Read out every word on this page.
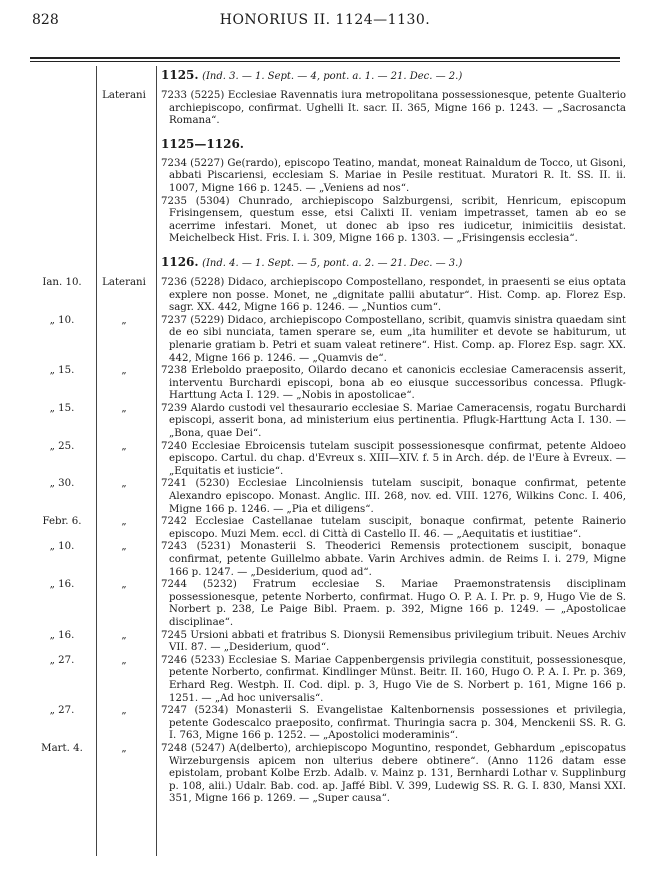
828	HONORIUS II. 1124—1130.
1125. (Ind. 3. — 1. Sept. — 4, pont. a. 1. — 21. Dec. — 2.)
Laterani	7233 (5225) Ecclesiae Ravennatis iura metropolitana possessionesque, petente Gualterio archiepiscopo, confirmat. Ughelli It. sacr. II. 365, Migne 166 p. 1243. — „Sacrosancta Romana“.
1125—1126.
7234 (5227) Ge(rardo), episcopo Teatino, mandat, moneat Rainaldum de Tocco, ut Gisoni, abbati Piscariensi, ecclesiam S. Mariae in Pesile restituat. Muratori R. It. SS. II. ii. 1007, Migne 166 p. 1245. — „Veniens ad nos“.
7235 (5304) Chunrado, archiepiscopo Salzburgensi, scribit, Henricum, episcopum Frisingensem, questum esse, etsi Calixti II. veniam impetrasset, tamen ab eo se acerrime infestari. Monet, ut donec ab ipso res iudicetur, inimicitiis desistat. Meichelbeck Hist. Fris. I. i. 309, Migne 166 p. 1303. — „Frisingensis ecclesia“.
1126. (Ind. 4. — 1. Sept. — 5, pont. a. 2. — 21. Dec. — 3.)
Ian. 10.	Laterani	7236 (5228) Didaco, archiepiscopo Compostellano, respondet, in praesenti se eius optata explere non posse. Monet, ne „dignitate pallii abutatur“. Hist. Comp. ap. Florez Esp. sagr. XX. 442, Migne 166 p. 1246. — „Nuntios cum“.
„ 10.	„	7237 (5229) Didaco, archiepiscopo Compostellano, scribit, quamvis sinistra quaedam sint de eo sibi nunciata, tamen sperare se, eum „ita humiliter et devote se habiturum, ut plenarie gratiam b. Petri et suam valeat retinere“. Hist. Comp. ap. Florez Esp. sagr. XX. 442, Migne 166 p. 1246. — „Quamvis de“.
„ 15.	„	7238 Erleboldo praeposito, Oilardo decano et canonicis ecclesiae Cameracensis asserit, interventu Burchardi episcopi, bona ab eo eiusque successoribus concessa. Pflugk-Harttung Acta I. 129. — „Nobis in apostolicae“.
„ 15.	„	7239 Alardo custodi vel thesaurario ecclesiae S. Mariae Cameracensis, rogatu Burchardi episcopi, asserit bona, ad ministerium eius pertinentia. Pflugk-Harttung Acta I. 130. — „Bona, quae Dei“.
„ 25.	„	7240 Ecclesiae Ebroicensis tutelam suscipit possessionesque confirmat, petente Aldoeo episcopo. Cartul. du chap. d'Evreux s. XIII—XIV. f. 5 in Arch. dép. de l'Eure à Evreux. — „Equitatis et iusticie“.
„ 30.	„	7241 (5230) Ecclesiae Lincolniensis tutelam suscipit, bonaque confirmat, petente Alexandro episcopo. Monast. Anglic. III. 268, nov. ed. VIII. 1276, Wilkins Conc. I. 406, Migne 166 p. 1246. — „Pia et diligens“.
Febr. 6.	„	7242 Ecclesiae Castellanae tutelam suscipit, bonaque confirmat, petente Rainerio episcopo. Muzi Mem. eccl. di Città di Castello II. 46. — „Aequitatis et iustitiae“.
„ 10.	„	7243 (5231) Monasterii S. Theoderici Remensis protectionem suscipit, bonaque confirmat, petente Guillelmo abbate. Varin Archives admin. de Reims I. i. 279, Migne 166 p. 1247. — „Desiderium, quod ad“.
„ 16.	„	7244 (5232) Fratrum ecclesiae S. Mariae Praemonstratensis disciplinam possessionesque, petente Norberto, confirmat. Hugo O. P. A. I. Pr. p. 9, Hugo Vie de S. Norbert p. 238, Le Paige Bibl. Praem. p. 392, Migne 166 p. 1249. — „Apostolicae disciplinae“.
„ 16.	„	7245 Ursioni abbati et fratribus S. Dionysii Remensibus privilegium tribuit. Neues Archiv VII. 87. — „Desiderium, quod“.
„ 27.	„	7246 (5233) Ecclesiae S. Mariae Cappenbergensis privilegia constituit, possessionesque, petente Norberto, confirmat. Kindlinger Münst. Beitr. II. 160, Hugo O. P. A. I. Pr. p. 369, Erhard Reg. Westph. II. Cod. dipl. p. 3, Hugo Vie de S. Norbert p. 161, Migne 166 p. 1251. — „Ad hoc universalis“.
„ 27.	„	7247 (5234) Monasterii S. Evangelistae Kaltenbornensis possessiones et privilegia, petente Godescalco praeposito, confirmat. Thuringia sacra p. 304, Menckenii SS. R. G. I. 763, Migne 166 p. 1252. — „Apostolici moderaminis“.
Mart. 4.	„	7248 (5247) A(delberto), archiepiscopo Moguntino, respondet, Gebhardum „episcopatus Wirzeburgensis apicem non ulterius debere obtinere“. (Anno 1126 datam esse epistolam, probant Kolbe Erzb. Adalb. v. Mainz p. 131, Bernhardi Lothar v. Supplinburg p. 108, alii.) Udalr. Bab. cod. ap. Jaffé Bibl. V. 399, Ludewig SS. R. G. I. 830, Mansi XXI. 351, Migne 166 p. 1269. — „Super causa“.
